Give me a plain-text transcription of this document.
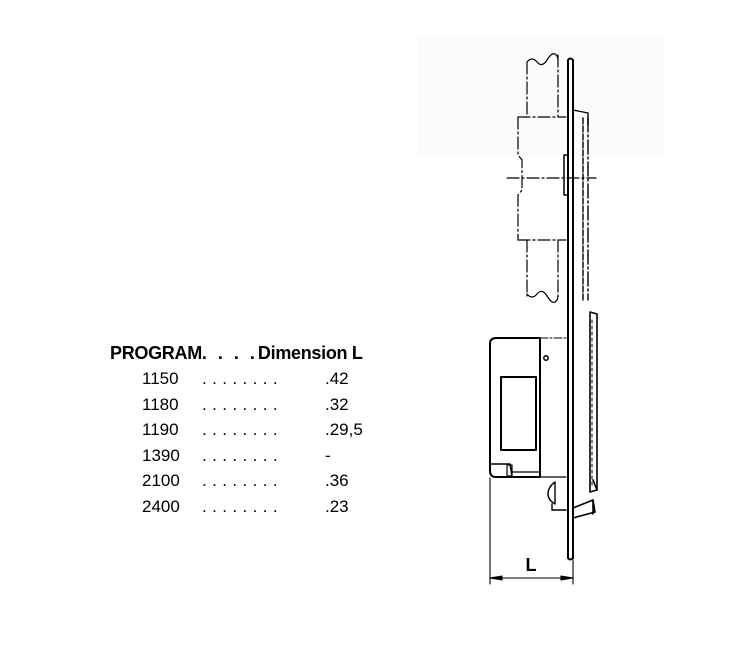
PROGRAM. . . .Dimension L
1150 ........ .42
1180 ........ .32
1190 ........ .29,5
1390 ........ -
2100 ........ .36
2400 ........ .23
L
